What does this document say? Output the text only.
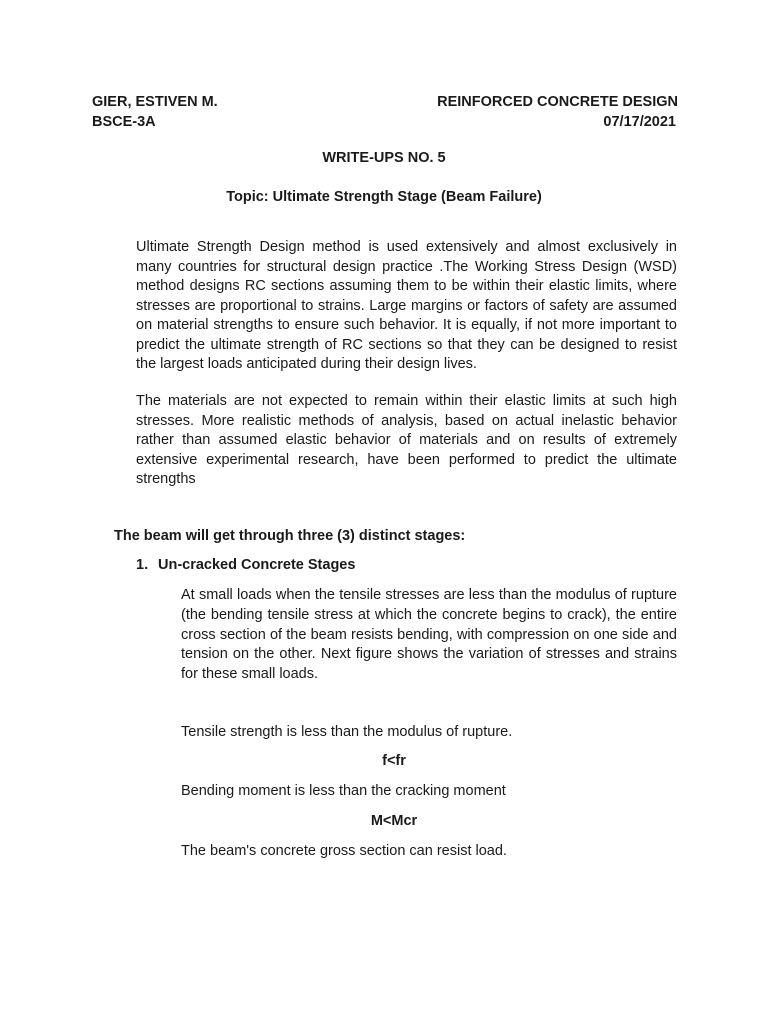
GIER, ESTIVEN M.
BSCE-3A
REINFORCED CONCRETE DESIGN
07/17/2021
WRITE-UPS NO. 5
Topic: Ultimate Strength Stage (Beam Failure)

Ultimate Strength Design method is used extensively and almost exclusively in many countries for structural design practice .The Working Stress Design (WSD) method designs RC sections assuming them to be within their elastic limits, where stresses are proportional to strains. Large margins or factors of safety are assumed on material strengths to ensure such behavior. It is equally, if not more important to predict the ultimate strength of RC sections so that they can be designed to resist the largest loads anticipated during their design lives.

The materials are not expected to remain within their elastic limits at such high stresses. More realistic methods of analysis, based on actual inelastic behavior rather than assumed elastic behavior of materials and on results of extremely extensive experimental research, have been performed to predict the ultimate strengths

The beam will get through three (3) distinct stages:
1. Un-cracked Concrete Stages

At small loads when the tensile stresses are less than the modulus of rupture (the bending tensile stress at which the concrete begins to crack), the entire cross section of the beam resists bending, with compression on one side and tension on the other. Next figure shows the variation of stresses and strains for these small loads.

Tensile strength is less than the modulus of rupture.
f<fr
Bending moment is less than the cracking moment
M<Mcr
The beam's concrete gross section can resist load.
